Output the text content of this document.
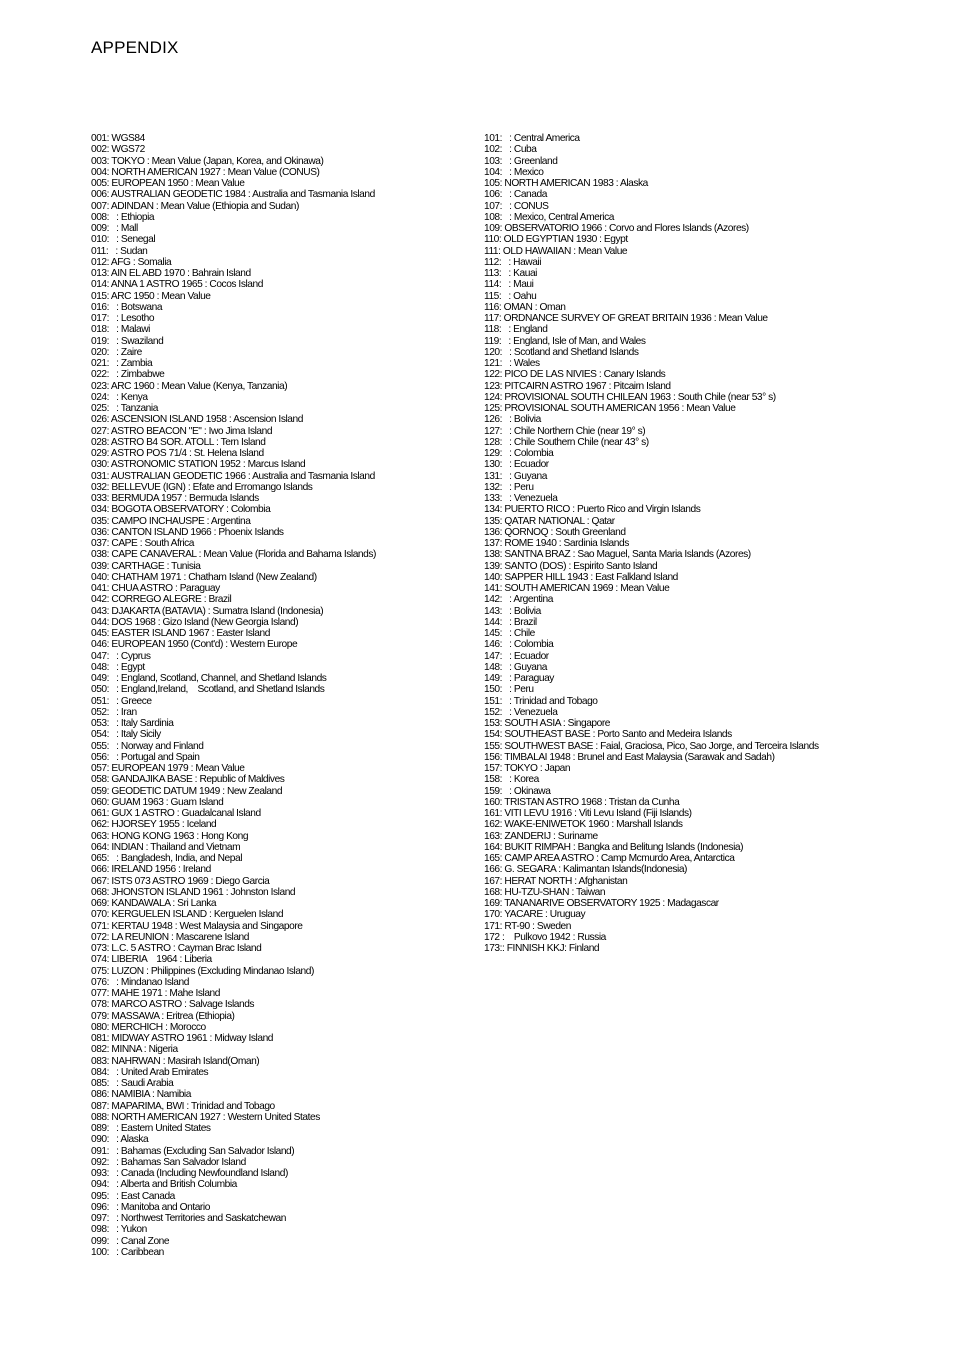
APPENDIX
001: WGS84
002: WGS72
003: TOKYO : Mean Value (Japan, Korea, and Okinawa)
004: NORTH AMERICAN 1927 : Mean Value (CONUS)
005: EUROPEAN 1950 : Mean Value
006: AUSTRALIAN GEODETIC 1984 : Australia and Tasmania Island
007: ADINDAN : Mean Value (Ethiopia and Sudan)
008:   : Ethiopia
009:   : Mall
010:   : Senegal
011:   : Sudan
012: AFG : Somalia
013: AIN EL ABD 1970 : Bahrain Island
014: ANNA 1 ASTRO 1965 : Cocos Island
015: ARC 1950 : Mean Value
016:   : Botswana
017:   : Lesotho
018:   : Malawi
019:   : Swaziland
020:   : Zaire
021:   : Zambia
022:   : Zimbabwe
023: ARC 1960 : Mean Value (Kenya, Tanzania)
024:   : Kenya
025:   : Tanzania
026: ASCENSION ISLAND 1958 : Ascension Island
027: ASTRO BEACON "E" : Iwo Jima Island
028: ASTRO B4 SOR. ATOLL : Tern Island
029: ASTRO POS 71/4 : St. Helena Island
030: ASTRONOMIC STATION 1952 : Marcus Island
031: AUSTRALIAN GEODETIC 1966 : Australia and Tasmania Island
032: BELLEVUE (IGN) : Efate and Erromango Islands
033: BERMUDA 1957 : Bermuda Islands
034: BOGOTA OBSERVATORY : Colombia
035: CAMPO INCHAUSPE : Argentina
036: CANTON ISLAND 1966 : Phoenix Islands
037: CAPE : South Africa
038: CAPE CANAVERAL : Mean Value (Florida and Bahama Islands)
039: CARTHAGE : Tunisia
040: CHATHAM 1971 : Chatham Island (New Zealand)
041: CHUA ASTRO : Paraguay
042: CORREGO ALEGRE : Brazil
043: DJAKARTA (BATAVIA) : Sumatra Island (Indonesia)
044: DOS 1968 : Gizo Island (New Georgia Island)
045: EASTER ISLAND 1967 : Easter Island
046: EUROPEAN 1950 (Cont'd) : Western Europe
047:   : Cyprus
048:   : Egypt
049:   : England, Scotland, Channel, and Shetland Islands
050:   : England,Ireland,    Scotland, and Shetland Islands
051:   : Greece
052:   : Iran
053:   : Italy Sardinia
054:   : Italy Sicily
055:   : Norway and Finland
056:   : Portugal and Spain
057: EUROPEAN 1979 : Mean Value
058: GANDAJIKA BASE : Republic of Maldives
059: GEODETIC DATUM 1949 : New Zealand
060: GUAM 1963 : Guam Island
061: GUX 1 ASTRO : Guadalcanal Island
062: HJORSEY 1955 : Iceland
063: HONG KONG 1963 : Hong Kong
064: INDIAN : Thailand and Vietnam
065:   : Bangladesh, India, and Nepal
066: IRELAND 1956 : Ireland
067: ISTS 073 ASTRO 1969 : Diego Garcia
068: JHONSTON ISLAND 1961 : Johnston Island
069: KANDAWALA : Sri Lanka
070: KERGUELEN ISLAND : Kerguelen Island
071: KERTAU 1948 : West Malaysia and Singapore
072: LA REUNION : Mascarene Island
073: L.C. 5 ASTRO : Cayman Brac Island
074: LIBERIA    1964 : Liberia
075: LUZON : Philippines (Excluding Mindanao Island)
076:   : Mindanao Island
077: MAHE 1971 : Mahe Island
078: MARCO ASTRO : Salvage Islands
079: MASSAWA : Eritrea (Ethiopia)
080: MERCHICH : Morocco
081: MIDWAY ASTRO 1961 : Midway Island
082: MINNA : Nigeria
083: NAHRWAN : Masirah Island(Oman)
084:   : United Arab Emirates
085:   : Saudi Arabia
086: NAMIBIA : Namibia
087: MAPARIMA, BWI : Trinidad and Tobago
088: NORTH AMERICAN 1927 : Western United States
089:   : Eastern United States
090:   : Alaska
091:   : Bahamas (Excluding San Salvador Island)
092:   : Bahamas San Salvador Island
093:   : Canada (Including Newfoundland Island)
094:   : Alberta and British Columbia
095:   : East Canada
096:   : Manitoba and Ontario
097:   : Northwest Territories and Saskatchewan
098:   : Yukon
099:   : Canal Zone
100:   : Caribbean
101:   : Central America
102:   : Cuba
103:   : Greenland
104:   : Mexico
105: NORTH AMERICAN 1983 : Alaska
106:   : Canada
107:   : CONUS
108:   : Mexico, Central America
109: OBSERVATORIO 1966 : Corvo and Flores Islands (Azores)
110: OLD EGYPTIAN 1930 : Egypt
111: OLD HAWAIIAN : Mean Value
112:   : Hawaii
113:   : Kauai
114:   : Maui
115:   : Oahu
116: OMAN : Oman
117: ORDNANCE SURVEY OF GREAT BRITAIN 1936 : Mean Value
118:   : England
119:   : England, Isle of Man, and Wales
120:   : Scotland and Shetland Islands
121:   : Wales
122: PICO DE LAS NIVIES : Canary Islands
123: PITCAIRN ASTRO 1967 : Pitcairn Island
124: PROVISIONAL SOUTH CHILEAN 1963 : South Chile (near 53° s)
125: PROVISIONAL SOUTH AMERICAN 1956 : Mean Value
126:   : Bolivia
127:   : Chile Northern Chie (near 19° s)
128:   : Chile Southern Chile (near 43° s)
129:   : Colombia
130:   : Ecuador
131:   : Guyana
132:   : Peru
133:   : Venezuela
134: PUERTO RICO : Puerto Rico and Virgin Islands
135: QATAR NATIONAL : Qatar
136: QORNOQ : South Greenland
137: ROME 1940 : Sardinia Islands
138: SANTNA BRAZ : Sao Maguel, Santa Maria Islands (Azores)
139: SANTO (DOS) : Espirito Santo Island
140: SAPPER HILL 1943 : East Falkland Island
141: SOUTH AMERICAN 1969 : Mean Value
142:   : Argentina
143:   : Bolivia
144:   : Brazil
145:   : Chile
146:   : Colombia
147:   : Ecuador
148:   : Guyana
149:   : Paraguay
150:   : Peru
151:   : Trinidad and Tobago
152:   : Venezuela
153: SOUTH ASIA : Singapore
154: SOUTHEAST BASE : Porto Santo and Medeira Islands
155: SOUTHWEST BASE : Faial, Graciosa, Pico, Sao Jorge, and Terceira Islands
156: TIMBALAI 1948 : Brunel and East Malaysia (Sarawak and Sadah)
157: TOKYO : Japan
158:   : Korea
159:   : Okinawa
160: TRISTAN ASTRO 1968 : Tristan da Cunha
161: VITI LEVU 1916 : Viti Levu Island (Fiji Islands)
162: WAKE-ENIWETOK 1960 : Marshall Islands
163: ZANDERIJ : Suriname
164: BUKIT RIMPAH : Bangka and Belitung Islands (Indonesia)
165: CAMP AREA ASTRO : Camp Mcmurdo Area, Antarctica
166: G. SEGARA : Kalimantan Islands(Indonesia)
167: HERAT NORTH : Afghanistan
168: HU-TZU-SHAN : Taiwan
169: TANANARIVE OBSERVATORY 1925 : Madagascar
170: YACARE : Uruguay
171: RT-90 : Sweden
172 :    Pulkovo 1942 : Russia
173:: FINNISH KKJ: Finland
